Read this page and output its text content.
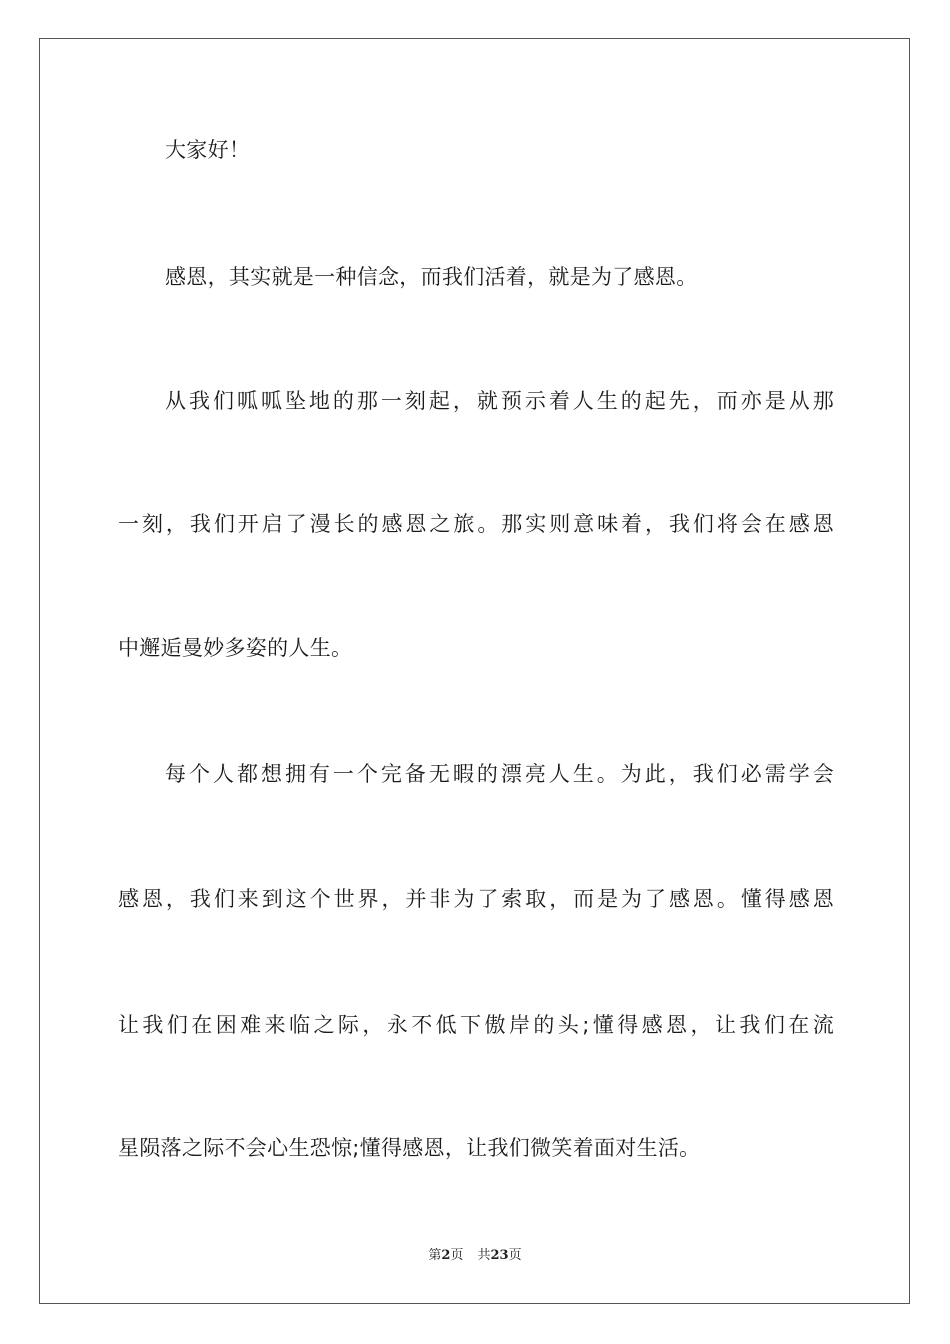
大家好！
感恩，其实就是一种信念，而我们活着，就是为了感恩。
从我们呱呱坠地的那一刻起，就预示着人生的起先，而亦是从那
一刻，我们开启了漫长的感恩之旅。那实则意味着，我们将会在感恩
中邂逅曼妙多姿的人生。
每个人都想拥有一个完备无暇的漂亮人生。为此，我们必需学会
感恩，我们来到这个世界，并非为了索取，而是为了感恩。懂得感恩
让我们在困难来临之际，永不低下傲岸的头;懂得感恩，让我们在流
星陨落之际不会心生恐惊;懂得感恩，让我们微笑着面对生活。
第2页 共23页
